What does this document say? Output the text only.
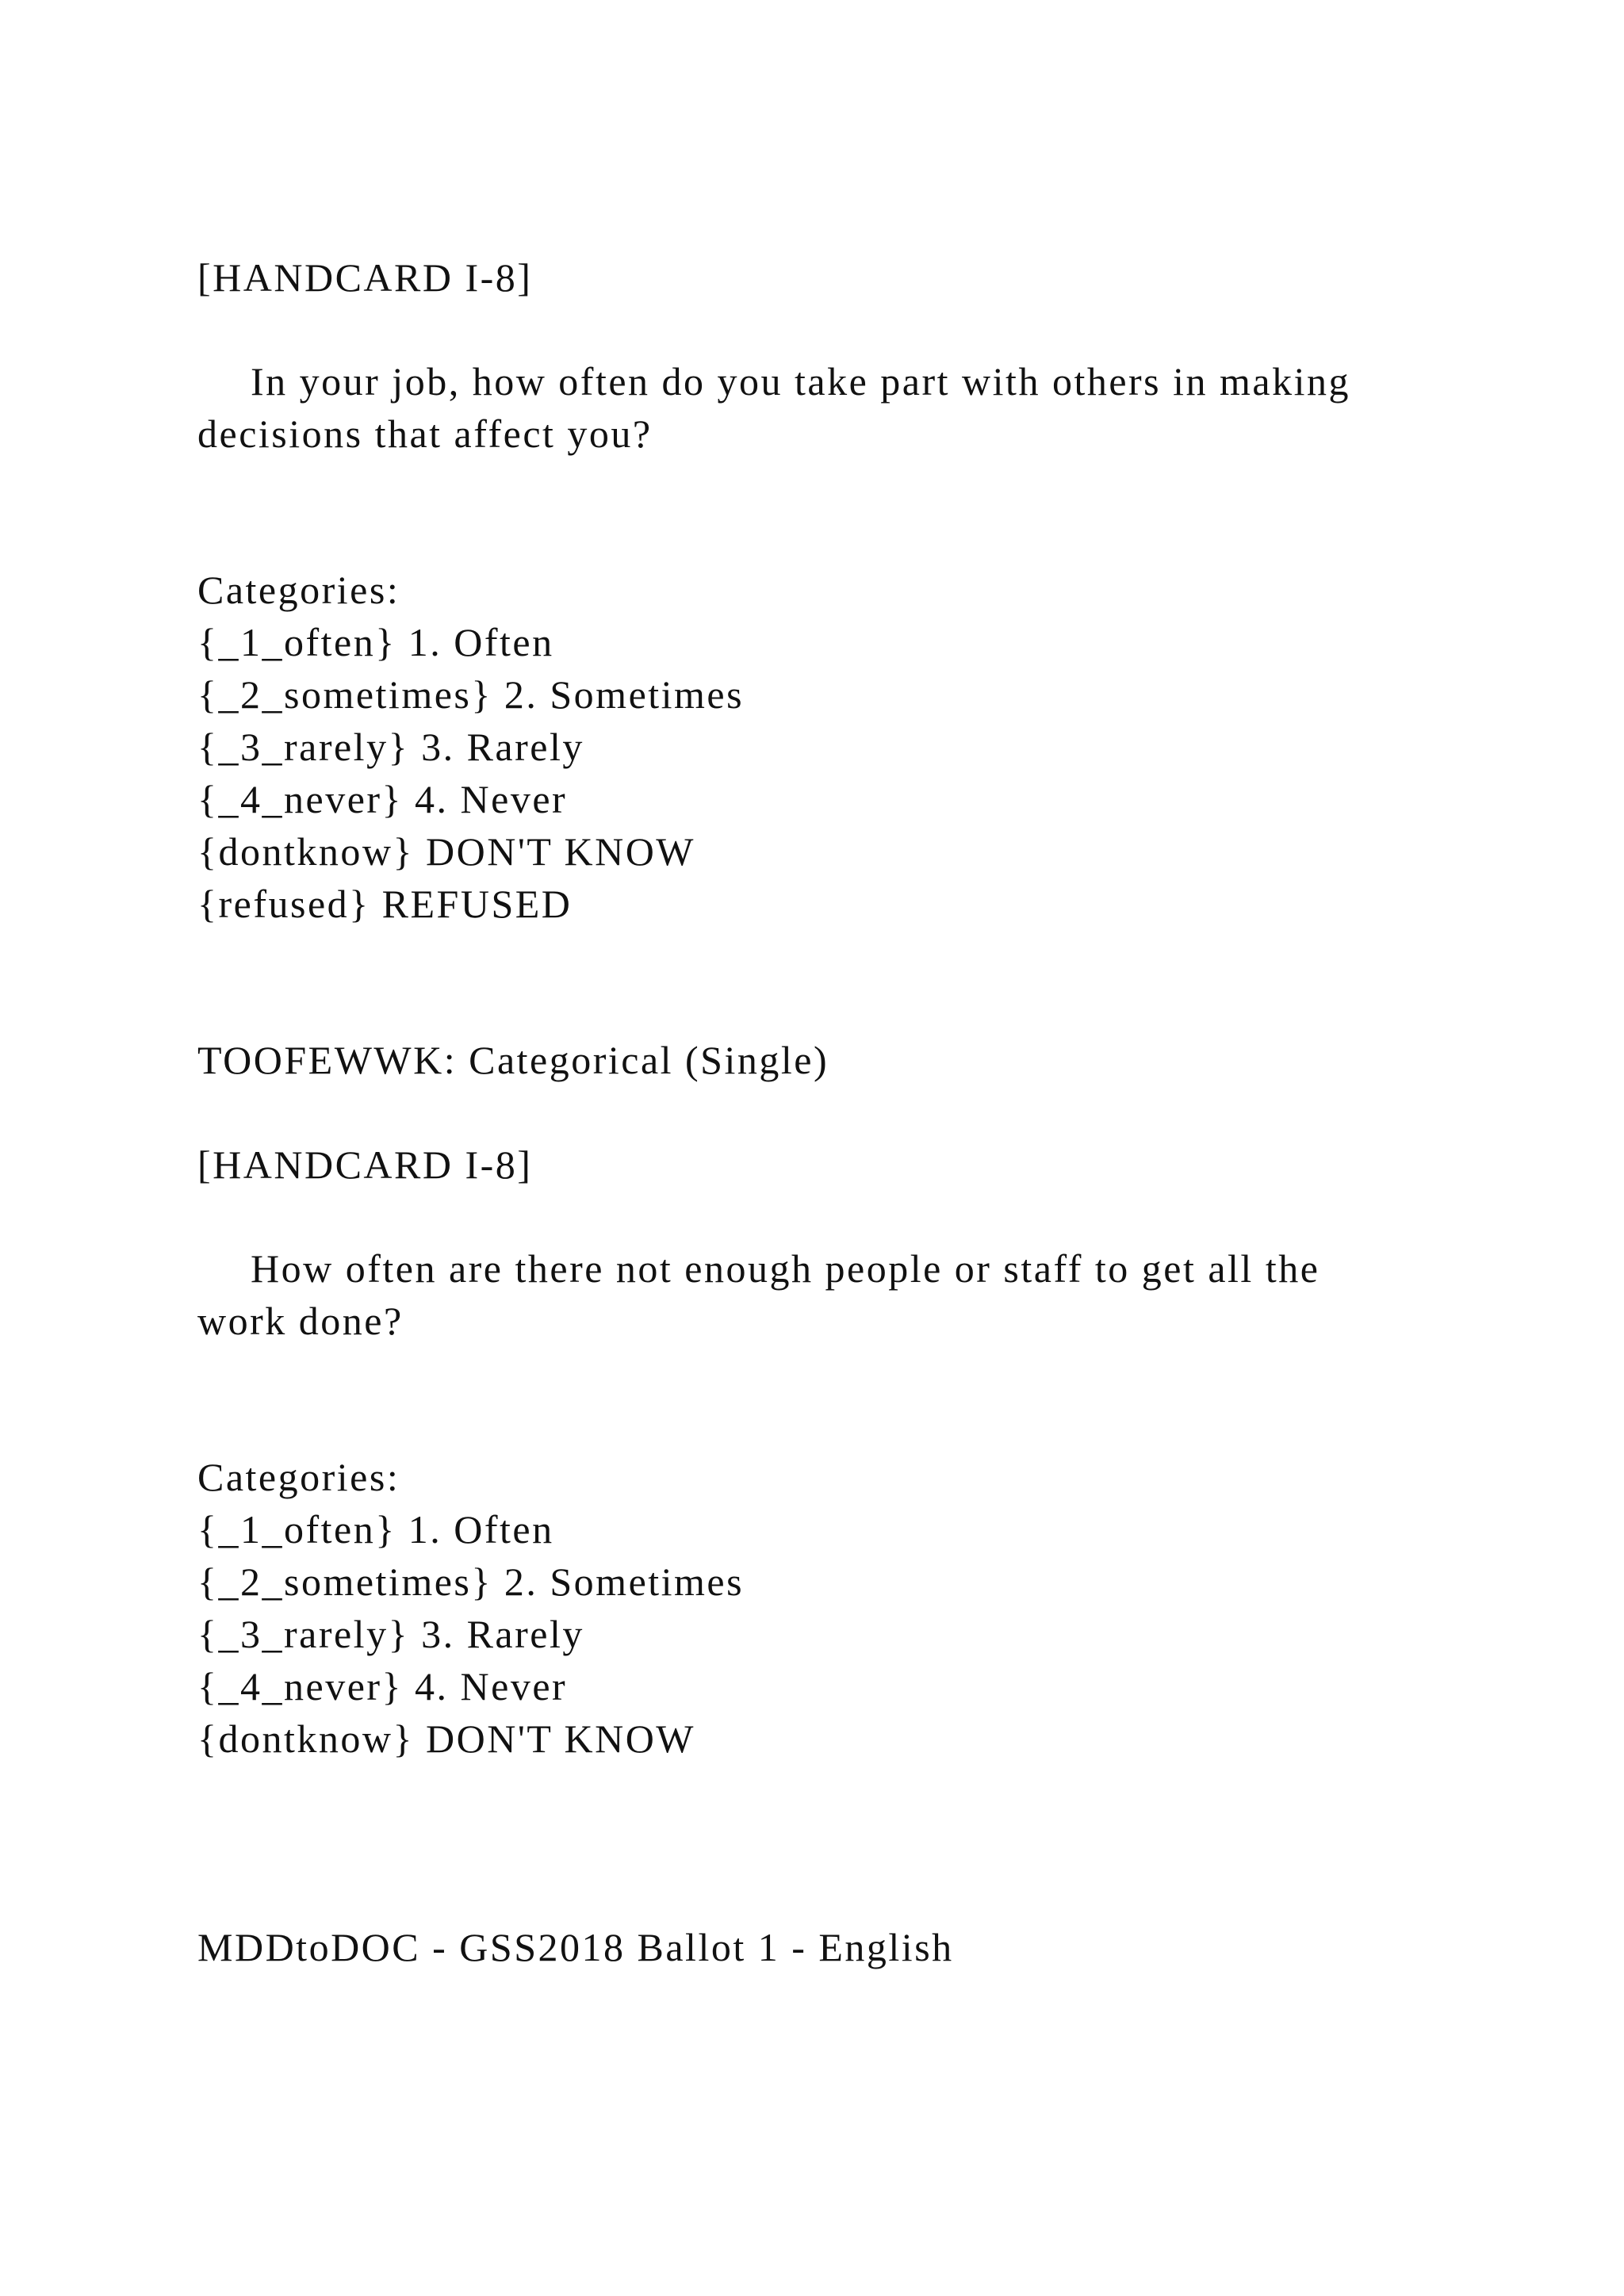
[HANDCARD I-8]
In your job, how often do you take part with others in making
decisions that affect you?
Categories:
{_1_often} 1. Often
{_2_sometimes} 2. Sometimes
{_3_rarely} 3. Rarely
{_4_never} 4. Never
{dontknow} DON'T KNOW
{refused} REFUSED
TOOFEWWK: Categorical (Single)
[HANDCARD I-8]
How often are there not enough people or staff to get all the
work done?
Categories:
{_1_often} 1. Often
{_2_sometimes} 2. Sometimes
{_3_rarely} 3. Rarely
{_4_never} 4. Never
{dontknow} DON'T KNOW
MDDtoDOC - GSS2018 Ballot 1 - English
